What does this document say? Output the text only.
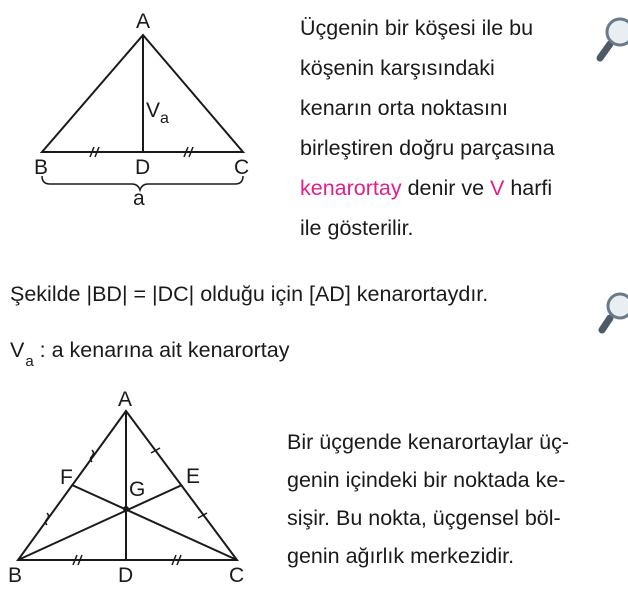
A
B	C
D
$V_a$
a
Üçgenin bir köşesi ile bu
köşenin karşısındaki
kenarın orta noktasını
birleştiren doğru parçasına
kenarortay denir ve V harfi
ile gösterilir.
Şekilde |BD| = |DC| olduğu için [AD] kenarortaydır.
$V_a$ : a kenarına ait kenarortay
A
B	C
D
E
F
G
Bir üçgende kenarortaylar üç-
genin içindeki bir noktada ke-
sişir. Bu nokta, üçgensel böl-
genin ağırlık merkezidir.
